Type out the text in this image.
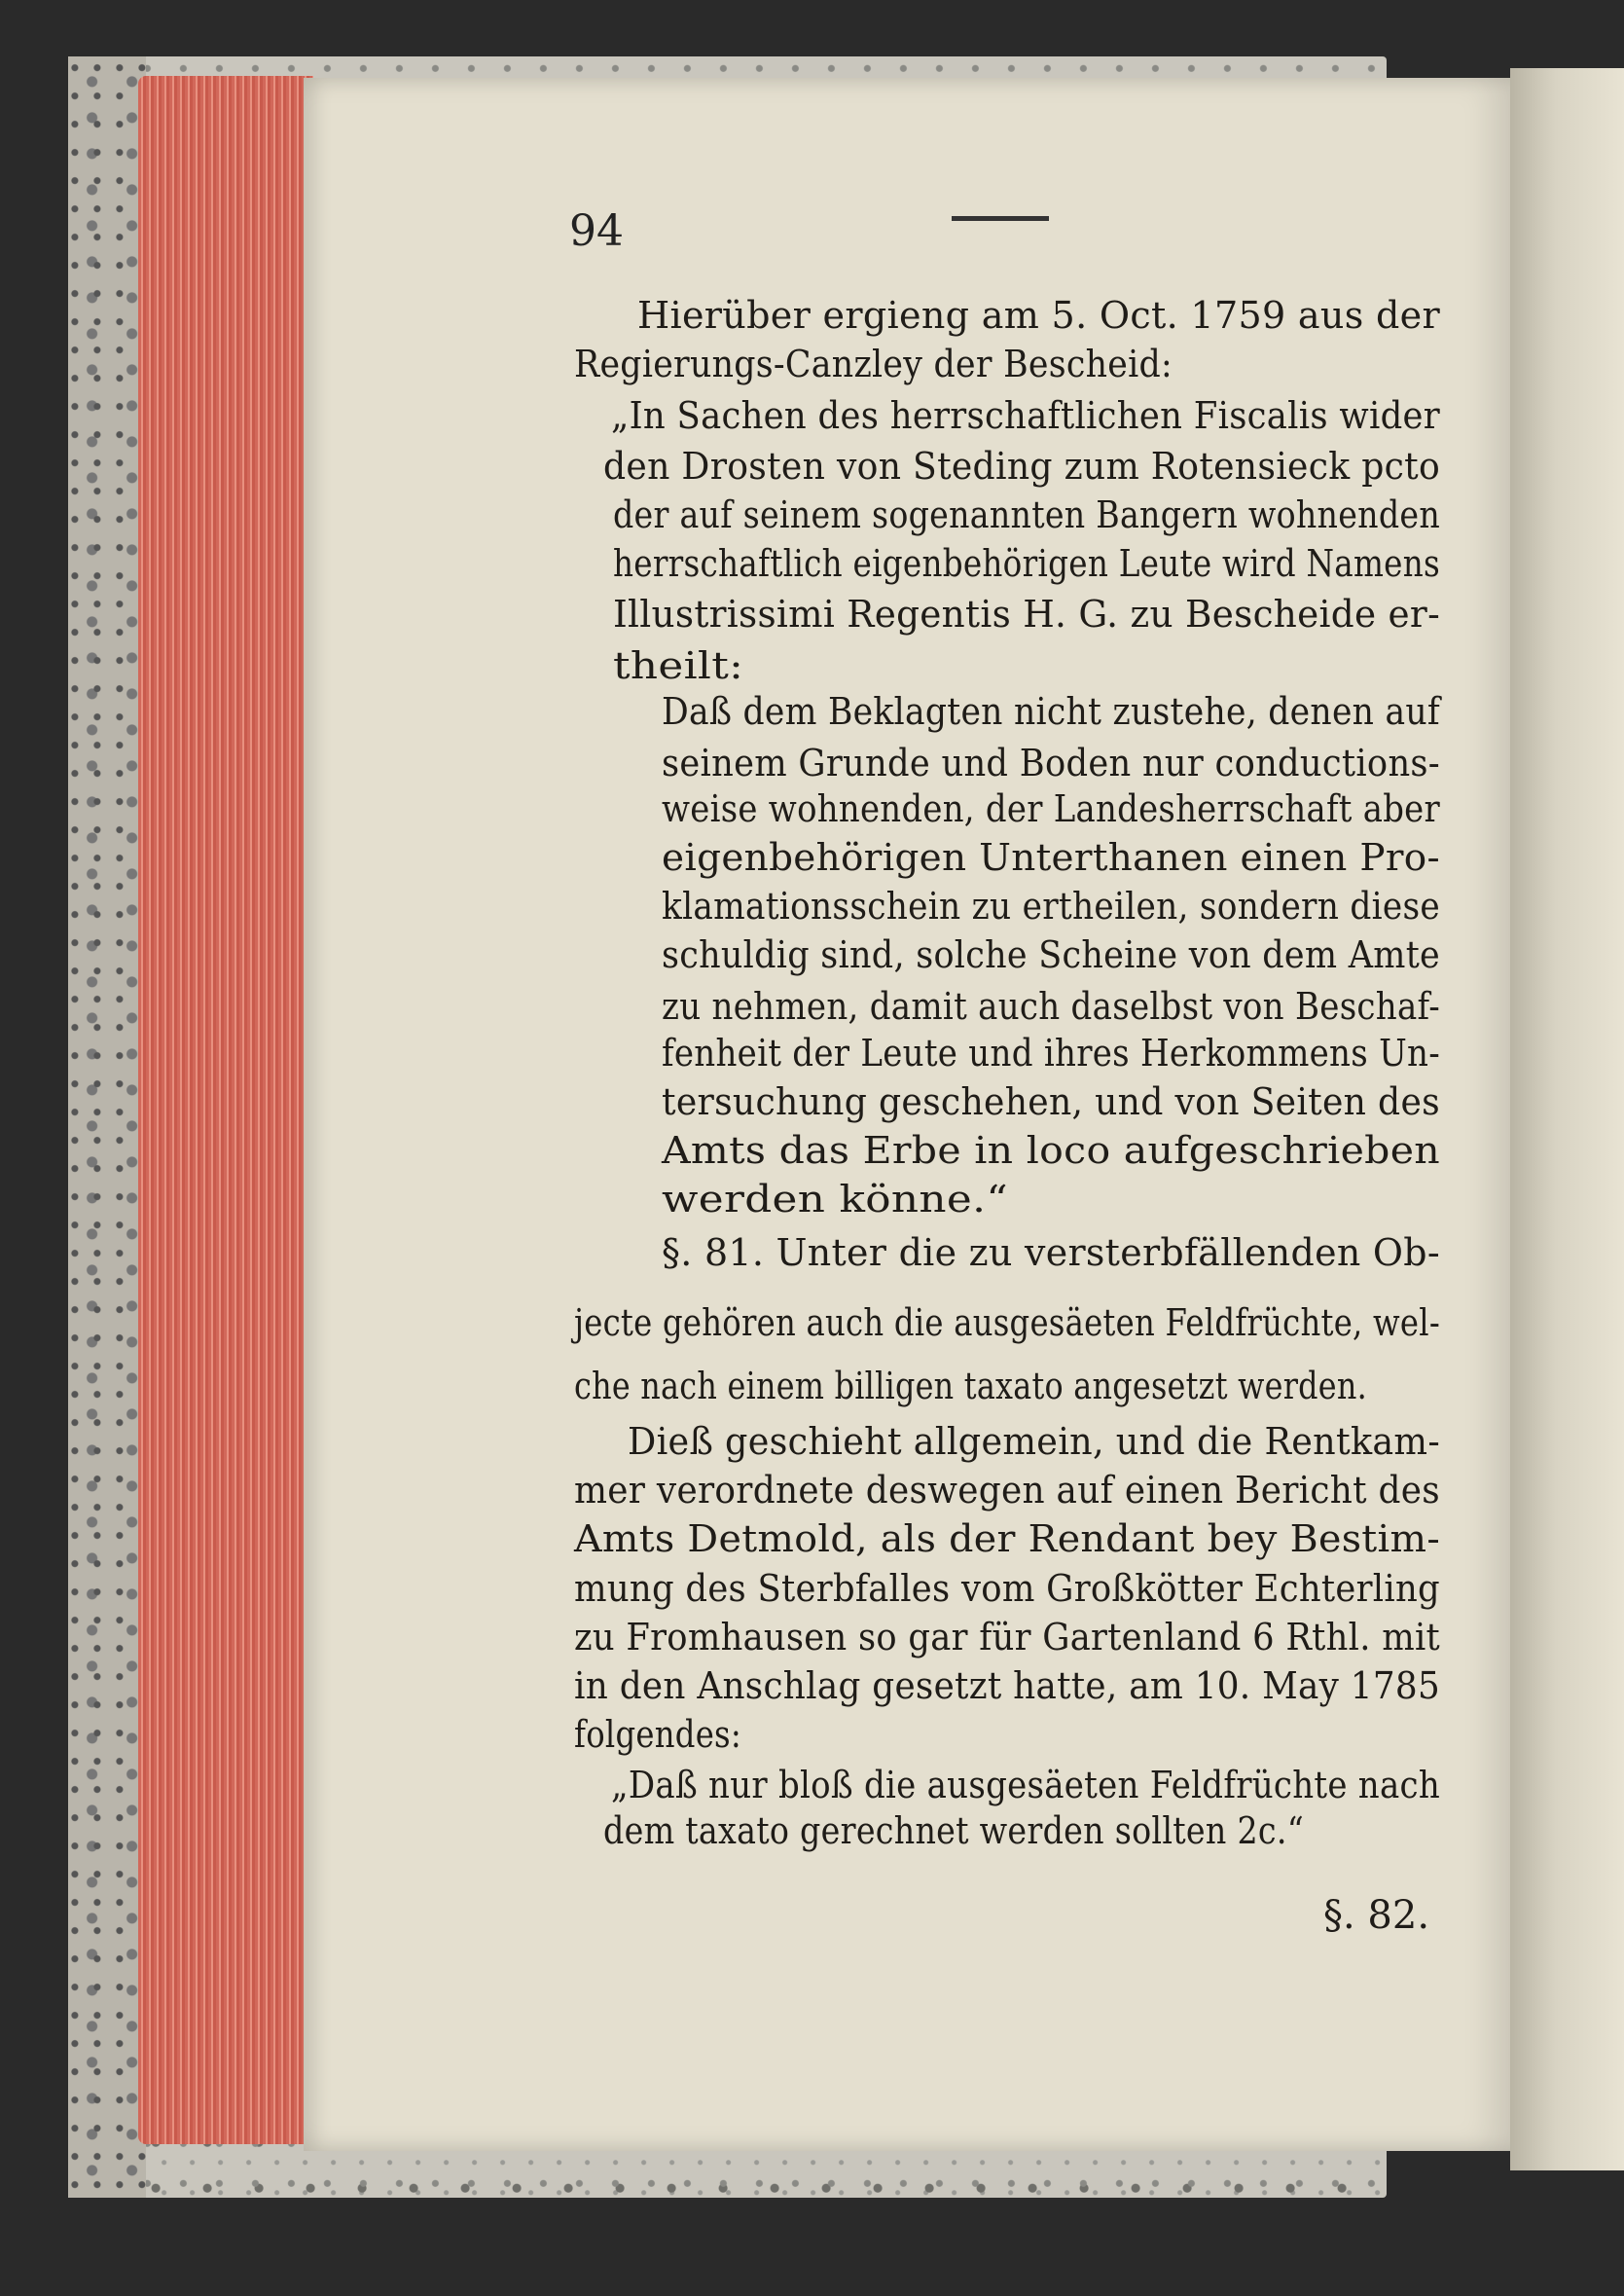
94
Hierüber ergieng am 5. Oct. 1759 aus der
Regierungs-Canzley der Bescheid:
„In Sachen des herrschaftlichen Fiscalis wider
den Drosten von Steding zum Rotensieck pcto
der auf seinem sogenannten Bangern wohnenden
herrschaftlich eigenbehörigen Leute wird Namens
Illustrissimi Regentis H. G. zu Bescheide er-
theilt:
Daß dem Beklagten nicht zustehe, denen auf
seinem Grunde und Boden nur conductions-
weise wohnenden, der Landesherrschaft aber
eigenbehörigen Unterthanen einen Pro-
klamationsschein zu ertheilen, sondern diese
schuldig sind, solche Scheine von dem Amte
zu nehmen, damit auch daselbst von Beschaf-
fenheit der Leute und ihres Herkommens Un-
tersuchung geschehen, und von Seiten des
Amts das Erbe in loco aufgeschrieben
werden könne.“
§. 81. Unter die zu versterbfällenden Ob-
jecte gehören auch die ausgesäeten Feldfrüchte, wel-
che nach einem billigen taxato angesetzt werden.
Dieß geschieht allgemein, und die Rentkam-
mer verordnete deswegen auf einen Bericht des
Amts Detmold, als der Rendant bey Bestim-
mung des Sterbfalles vom Großkötter Echterling
zu Fromhausen so gar für Gartenland 6 Rthl. mit
in den Anschlag gesetzt hatte, am 10. May 1785
folgendes:
„Daß nur bloß die ausgesäeten Feldfrüchte nach
dem taxato gerechnet werden sollten 2c.“
§. 82.
